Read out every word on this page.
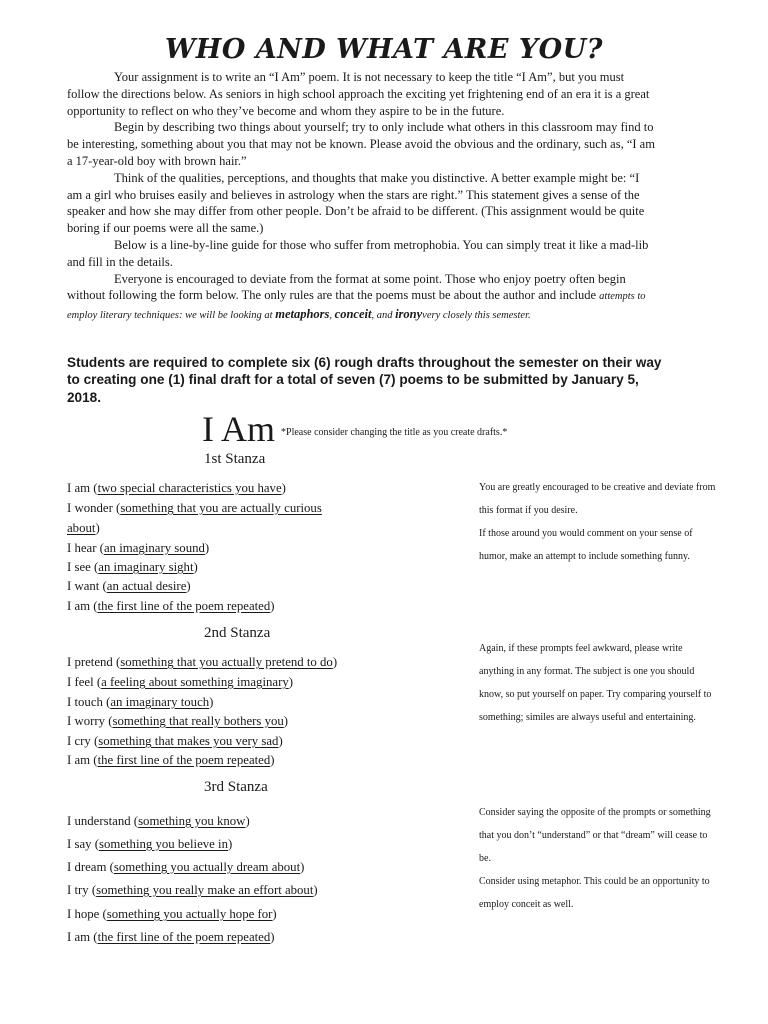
WHO AND WHAT ARE YOU?

Your assignment is to write an “I Am” poem. It is not necessary to keep the title “I Am”, but you must follow the directions below. As seniors in high school approach the exciting yet frightening end of an era it is a great opportunity to reflect on who they’ve become and whom they aspire to be in the future.

Begin by describing two things about yourself; try to only include what others in this classroom may find to be interesting, something about you that may not be known. Please avoid the obvious and the ordinary, such as, “I am a 17-year-old boy with brown hair.”

Think of the qualities, perceptions, and thoughts that make you distinctive. A better example might be: “I am a girl who bruises easily and believes in astrology when the stars are right.” This statement gives a sense of the speaker and how she may differ from other people. Don’t be afraid to be different. (This assignment would be quite boring if our poems were all the same.)

Below is a line-by-line guide for those who suffer from metrophobia. You can simply treat it like a mad-lib and fill in the details.

Everyone is encouraged to deviate from the format at some point. Those who enjoy poetry often begin without following the form below. The only rules are that the poems must be about the author and include attempts to employ literary techniques: we will be looking at metaphors, conceit, and ironyvery closely this semester.

Students are required to complete six (6) rough drafts throughout the semester on their way to creating one (1) final draft for a total of seven (7) poems to be submitted by January 5, 2018.
I Am $^{*Please consider changing the title as you create drafts.*}$
1st Stanza
I am (two special characteristics you have)
I wonder (something that you are actually curious
about)
I hear (an imaginary sound)
I see (an imaginary sight)
I want (an actual desire)
I am (the first line of the poem repeated)

You are greatly encouraged to be creative and deviate from this format if you desire.

If those around you would comment on your sense of humor, make an attempt to include something funny.

2nd Stanza
I pretend (something that you actually pretend to do)
I feel (a feeling about something imaginary)
I touch (an imaginary touch)
I worry (something that really bothers you)
I cry (something that makes you very sad)
I am (the first line of the poem repeated)

Again, if these prompts feel awkward, please write anything in any format. The subject is one you should know, so put yourself on paper. Try comparing yourself to something; similes are always useful and entertaining.

3rd Stanza
I understand (something you know)
I say (something you believe in)
I dream (something you actually dream about)
I try (something you really make an effort about)
I hope (something you actually hope for)
I am (the first line of the poem repeated)

Consider saying the opposite of the prompts or something that you don’t “understand” or that “dream” will cease to be.

Consider using metaphor. This could be an opportunity to employ conceit as well.
